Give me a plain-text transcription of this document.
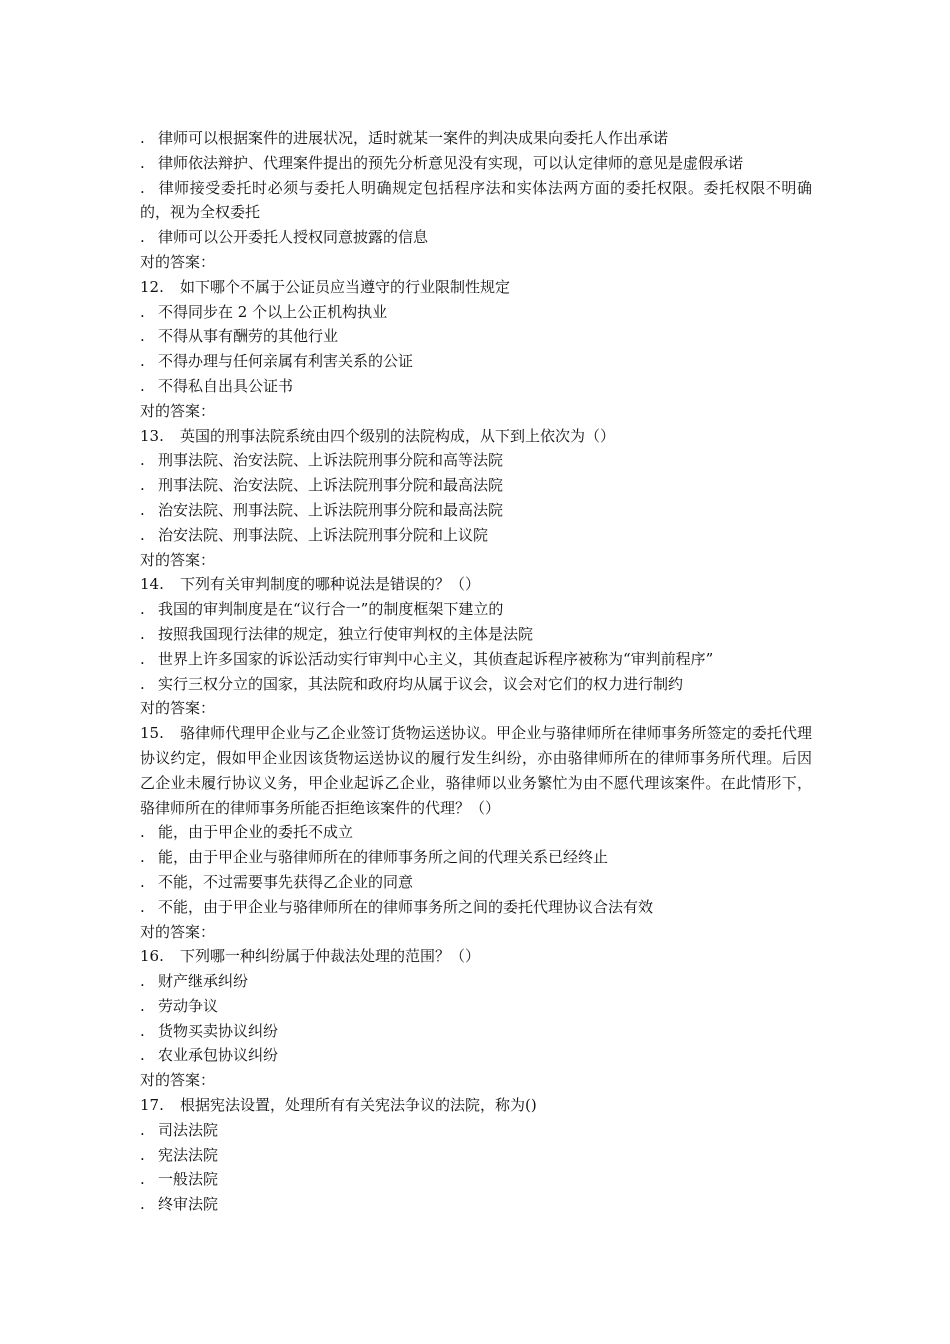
. 律师可以根据案件的进展状况，适时就某一案件的判决成果向委托人作出承诺
. 律师依法辩护、代理案件提出的预先分析意见没有实现，可以认定律师的意见是虚假承诺
. 律师接受委托时必须与委托人明确规定包括程序法和实体法两方面的委托权限。委托权限不明确的，视为全权委托
. 律师可以公开委托人授权同意披露的信息
对的答案：
12. 如下哪个不属于公证员应当遵守的行业限制性规定
. 不得同步在 2 个以上公正机构执业
. 不得从事有酬劳的其他行业
. 不得办理与任何亲属有利害关系的公证
. 不得私自出具公证书
对的答案：
13. 英国的刑事法院系统由四个级别的法院构成，从下到上依次为（）
. 刑事法院、治安法院、上诉法院刑事分院和高等法院
. 刑事法院、治安法院、上诉法院刑事分院和最高法院
. 治安法院、刑事法院、上诉法院刑事分院和最高法院
. 治安法院、刑事法院、上诉法院刑事分院和上议院
对的答案：
14. 下列有关审判制度的哪种说法是错误的？（）
. 我国的审判制度是在“议行合一”的制度框架下建立的
. 按照我国现行法律的规定，独立行使审判权的主体是法院
. 世界上许多国家的诉讼活动实行审判中心主义，其侦查起诉程序被称为“审判前程序”
. 实行三权分立的国家，其法院和政府均从属于议会，议会对它们的权力进行制约
对的答案：
15. 骆律师代理甲企业与乙企业签订货物运送协议。甲企业与骆律师所在律师事务所签定的委托代理协议约定，假如甲企业因该货物运送协议的履行发生纠纷，亦由骆律师所在的律师事务所代理。后因乙企业未履行协议义务，甲企业起诉乙企业，骆律师以业务繁忙为由不愿代理该案件。在此情形下，骆律师所在的律师事务所能否拒绝该案件的代理？（）
. 能，由于甲企业的委托不成立
. 能，由于甲企业与骆律师所在的律师事务所之间的代理关系已经终止
. 不能，不过需要事先获得乙企业的同意
. 不能，由于甲企业与骆律师所在的律师事务所之间的委托代理协议合法有效
对的答案：
16. 下列哪一种纠纷属于仲裁法处理的范围？（）
. 财产继承纠纷
. 劳动争议
. 货物买卖协议纠纷
. 农业承包协议纠纷
对的答案：
17. 根据宪法设置，处理所有有关宪法争议的法院，称为()
. 司法法院
. 宪法法院
. 一般法院
. 终审法院
